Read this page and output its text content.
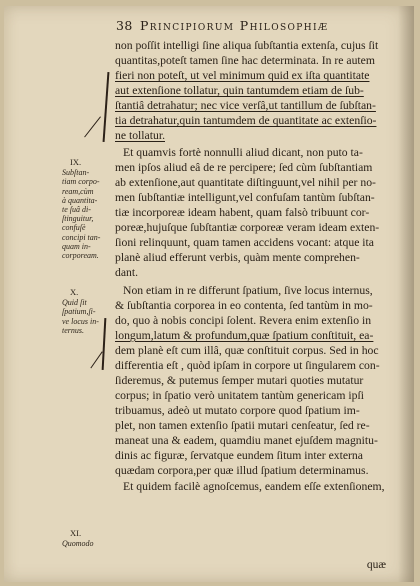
38 Principiorum Philosophiæ
non poſſit intelligi ſine aliqua ſubſtantia extenſa, cujus ſit
quantitas,poteſt tamen ſine hac determinata. In re autem
fieri non poteſt, ut vel minimum quid ex iſta quantitate
aut extenſione tollatur, quin tantumdem etiam de ſub-
ſtantiâ detrahatur; nec vice verſâ,ut tantillum de ſubſtan-
tia detrahatur,quin tantumdem de quantitate ac extenſio-
ne tollatur.
Et quamvis fortè nonnulli aliud dicant, non puto ta-
men ipſos aliud eâ de re percipere; ſed cùm ſubſtantiam
ab extenſione,aut quantitate diſtinguunt,vel nihil per no-
men ſubſtantiæ intelligunt,vel confuſam tantùm ſubſtan-
tiæ incorporeæ ideam habent, quam falsò tribuunt cor-
poreæ,hujuſque ſubſtantiæ corporeæ veram ideam exten-
ſioni relinquunt, quam tamen accidens vocant: atque ita
planè aliud efferunt verbis, quàm mente comprehen-
dant.
Non etiam in re differunt ſpatium, ſive locus internus,
& ſubſtantia corporea in eo contenta, ſed tantùm in mo-
do, quo à nobis concipi ſolent. Revera enim extenſio in
longum,latum & profundum,quæ ſpatium conſtituit, ea-
dem planè eſt cum illâ, quæ conſtituit corpus. Sed in hoc
differentia eſt , quòd ipſam in corpore ut ſingularem con-
ſideremus, & putemus ſemper mutari quoties mutatur
corpus; in ſpatio verò unitatem tantùm genericam ipſi
tribuamus, adeò ut mutato corpore quod ſpatium im-
plet, non tamen extenſio ſpatii mutari cenſeatur, ſed re-
maneat una & eadem, quamdiu manet ejuſdem magnitu-
dinis ac figuræ, ſervatque eundem ſitum inter externa
quædam corpora,per quæ illud ſpatium determinamus.
Et quidem facilè agnoſcemus, eandem eſſe extenſionem,
IX.
Subſtan-
tiam corpo-
ream,cùm
à quantita-
te ſuâ di-
ſtinguitur,
confuſè
concipi tan-
quam in-
corpoream.
X.
Quid ſit
ſpatium,ſi-
ve locus in-
ternus.
XI.
Quomodo
quæ
